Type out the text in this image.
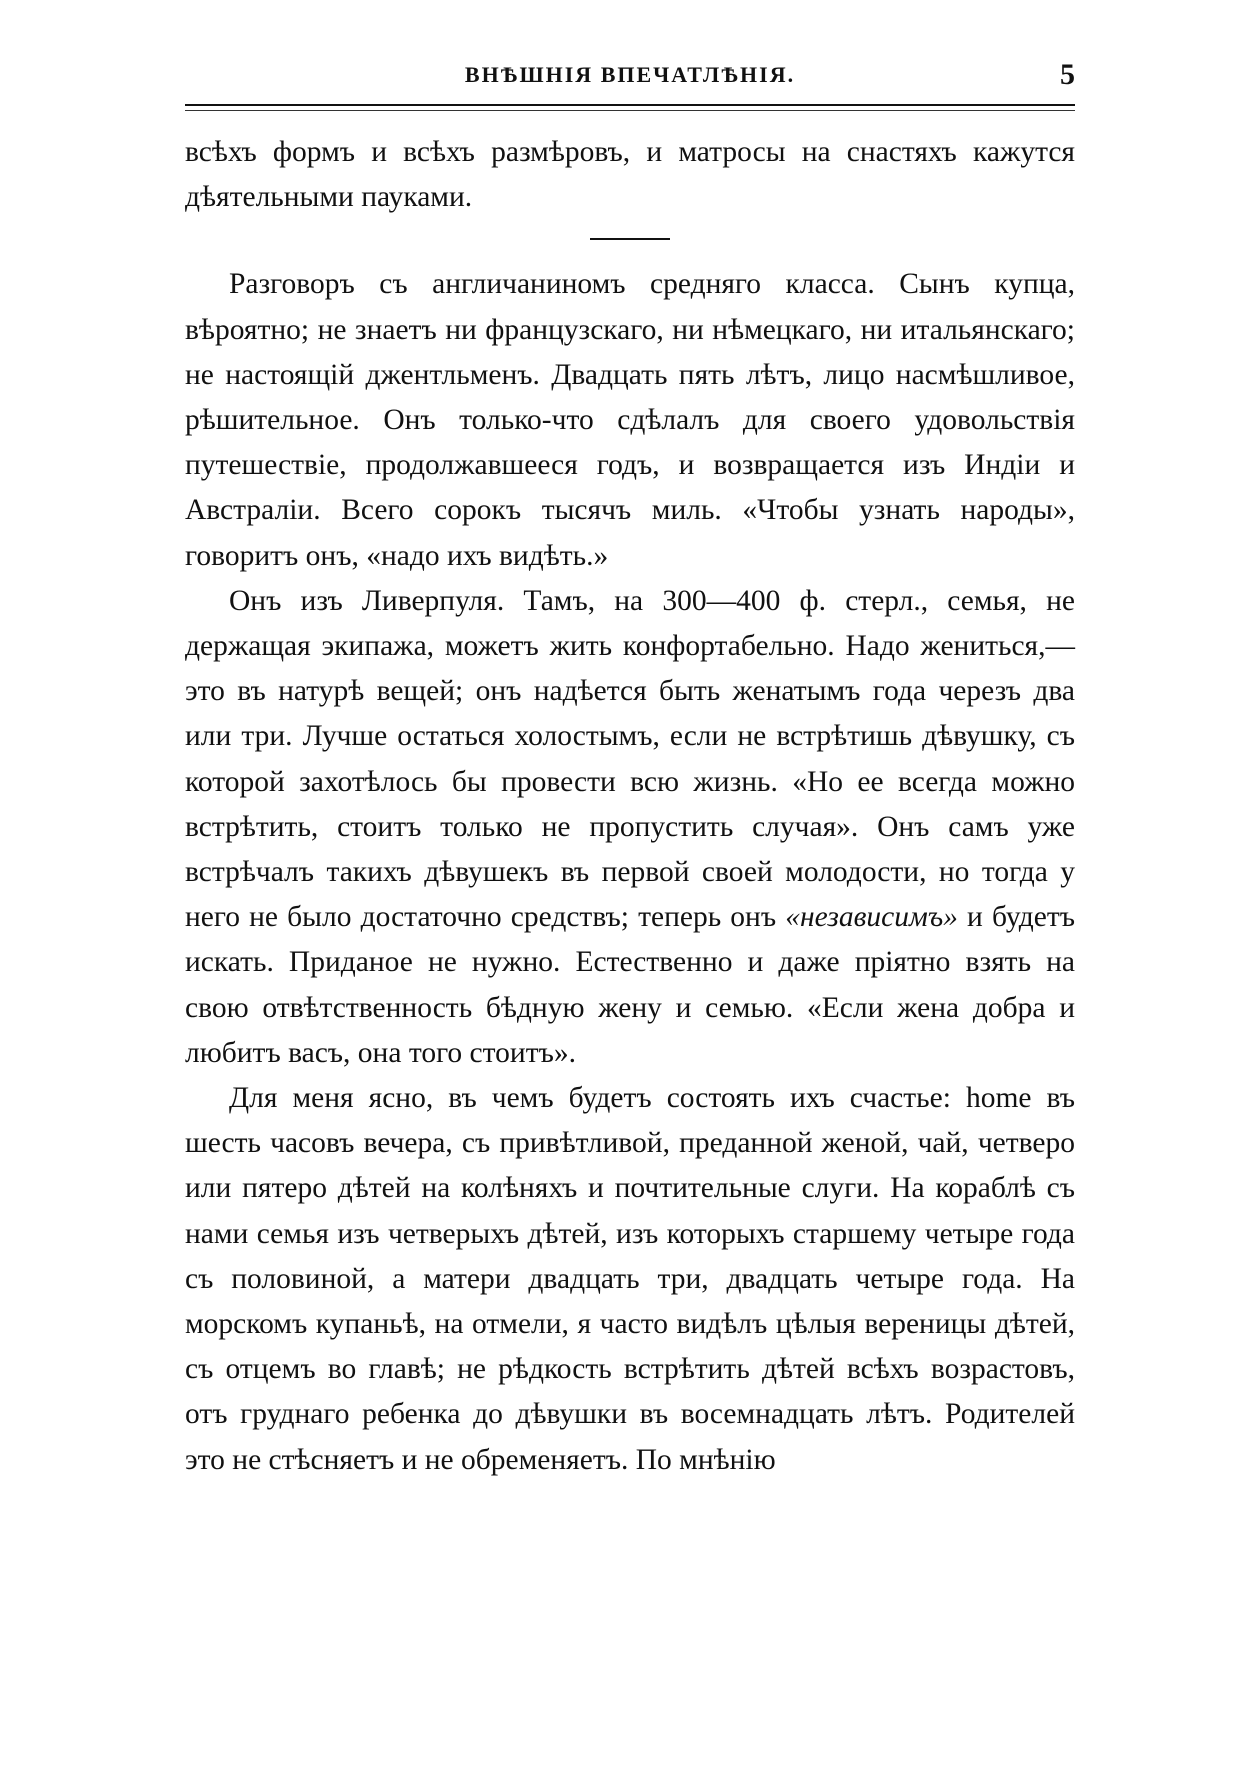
ВНѢШНІЯ ВПЕЧАТЛѢНІЯ.	5

всѣхъ формъ и всѣхъ размѣровъ, и матросы на снастяхъ кажутся дѣятельными пауками.

Разговоръ съ англичаниномъ средняго класса. Сынъ купца, вѣроятно; не знаетъ ни французскаго, ни нѣмецкаго, ни итальянскаго; не настоящій джентльменъ. Двадцать пять лѣтъ, лицо насмѣшливое, рѣшительное. Онъ только-что сдѣлалъ для своего удовольствія путешествіе, продолжавшееся годъ, и возвращается изъ Индіи и Австраліи. Всего сорокъ тысячъ миль. «Чтобы узнать народы», говоритъ онъ, «надо ихъ видѣть.»

Онъ изъ Ливерпуля. Тамъ, на 300—400 ф. стерл., семья, не держащая экипажа, можетъ жить конфортабельно. Надо жениться,—это въ натурѣ вещей; онъ надѣется быть женатымъ года черезъ два или три. Лучше остаться холостымъ, если не встрѣтишь дѣвушку, съ которой захотѣлось бы провести всю жизнь. «Но ее всегда можно встрѣтить, стоитъ только не пропустить случая». Онъ самъ уже встрѣчалъ такихъ дѣвушекъ въ первой своей молодости, но тогда у него не было достаточно средствъ; теперь онъ «независимъ» и будетъ искать. Приданое не нужно. Естественно и даже пріятно взять на свою отвѣтственность бѣдную жену и семью. «Если жена добра и любитъ васъ, она того стоитъ».

Для меня ясно, въ чемъ будетъ состоять ихъ счастье: home въ шесть часовъ вечера, съ привѣтливой, преданной женой, чай, четверо или пятеро дѣтей на колѣняхъ и почтительные слуги. На кораблѣ съ нами семья изъ четверыхъ дѣтей, изъ которыхъ старшему четыре года съ половиной, а матери двадцать три, двадцать четыре года. На морскомъ купаньѣ, на отмели, я часто видѣлъ цѣлыя вереницы дѣтей, съ отцемъ во главѣ; не рѣдкость встрѣтить дѣтей всѣхъ возрастовъ, отъ груднаго ребенка до дѣвушки въ восемнадцать лѣтъ. Родителей это не стѣсняетъ и не обременяетъ. По мнѣнію
